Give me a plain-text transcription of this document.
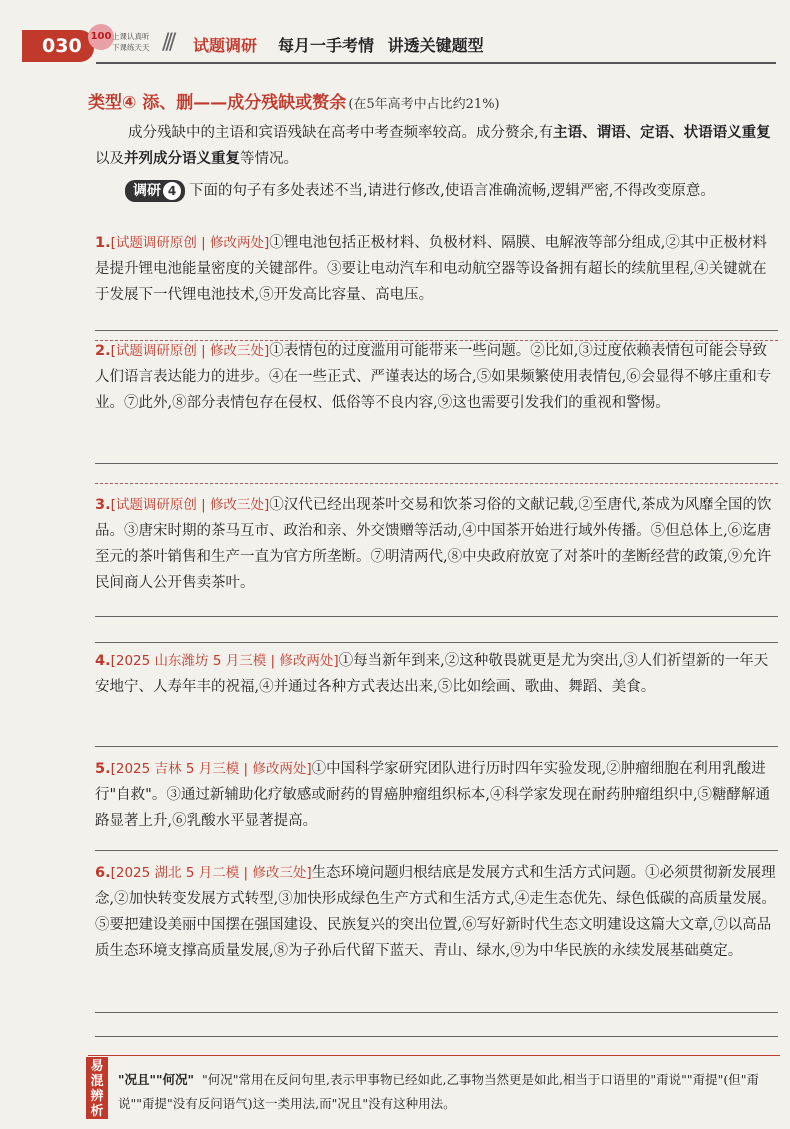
030 100 上课认真听
下课练天天 /// 试题调研 每月一手考情 讲透关键题型
类型④ 添、删——成分残缺或赘余 (在5年高考中占比约21%)
成分残缺中的主语和宾语残缺在高考中考查频率较高。成分赘余,有主语、谓语、定语、状语语义重复以及并列成分语义重复等情况。
调研 4 下面的句子有多处表述不当,请进行修改,使语言准确流畅,逻辑严密,不得改变原意。
1.[试题调研原创 | 修改两处]①锂电池包括正极材料、负极材料、隔膜、电解液等部分组成,②其中正极材料是提升锂电池能量密度的关键部件。③要让电动汽车和电动航空器等设备拥有超长的续航里程,④关键就在于发展下一代锂电池技术,⑤开发高比容量、高电压。
2.[试题调研原创 | 修改三处]①表情包的过度滥用可能带来一些问题。②比如,③过度依赖表情包可能会导致人们语言表达能力的进步。④在一些正式、严谨表达的场合,⑤如果频繁使用表情包,⑥会显得不够庄重和专业。⑦此外,⑧部分表情包存在侵权、低俗等不良内容,⑨这也需要引发我们的重视和警惕。
3.[试题调研原创 | 修改三处]①汉代已经出现茶叶交易和饮茶习俗的文献记载,②至唐代,茶成为风靡全国的饮品。③唐宋时期的茶马互市、政治和亲、外交馈赠等活动,④中国茶开始进行域外传播。⑤但总体上,⑥迄唐至元的茶叶销售和生产一直为官方所垄断。⑦明清两代,⑧中央政府放宽了对茶叶的垄断经营的政策,⑨允许民间商人公开售卖茶叶。
4.[2025 山东潍坊 5 月三模 | 修改两处]①每当新年到来,②这种敬畏就更是尤为突出,③人们祈望新的一年天安地宁、人寿年丰的祝福,④并通过各种方式表达出来,⑤比如绘画、歌曲、舞蹈、美食。
5.[2025 吉林 5 月三模 | 修改两处]①中国科学家研究团队进行历时四年实验发现,②肿瘤细胞在利用乳酸进行"自救"。③通过新辅助化疗敏感或耐药的胃癌肿瘤组织标本,④科学家发现在耐药肿瘤组织中,⑤糖酵解通路显著上升,⑥乳酸水平显著提高。
6.[2025 湖北 5 月二模 | 修改三处]生态环境问题归根结底是发展方式和生活方式问题。①必须贯彻新发展理念,②加快转变发展方式转型,③加快形成绿色生产方式和生活方式,④走生态优先、绿色低碳的高质量发展。⑤要把建设美丽中国摆在强国建设、民族复兴的突出位置,⑥写好新时代生态文明建设这篇大文章,⑦以高品质生态环境支撑高质量发展,⑧为子孙后代留下蓝天、青山、绿水,⑨为中华民族的永续发展基础奠定。
易混辨析
"况且""何况" "何况"常用在反问句里,表示甲事物已经如此,乙事物当然更是如此,相当于口语里的"甭说""甭提"(但"甭说""甭提"没有反问语气)这一类用法,而"况且"没有这种用法。
